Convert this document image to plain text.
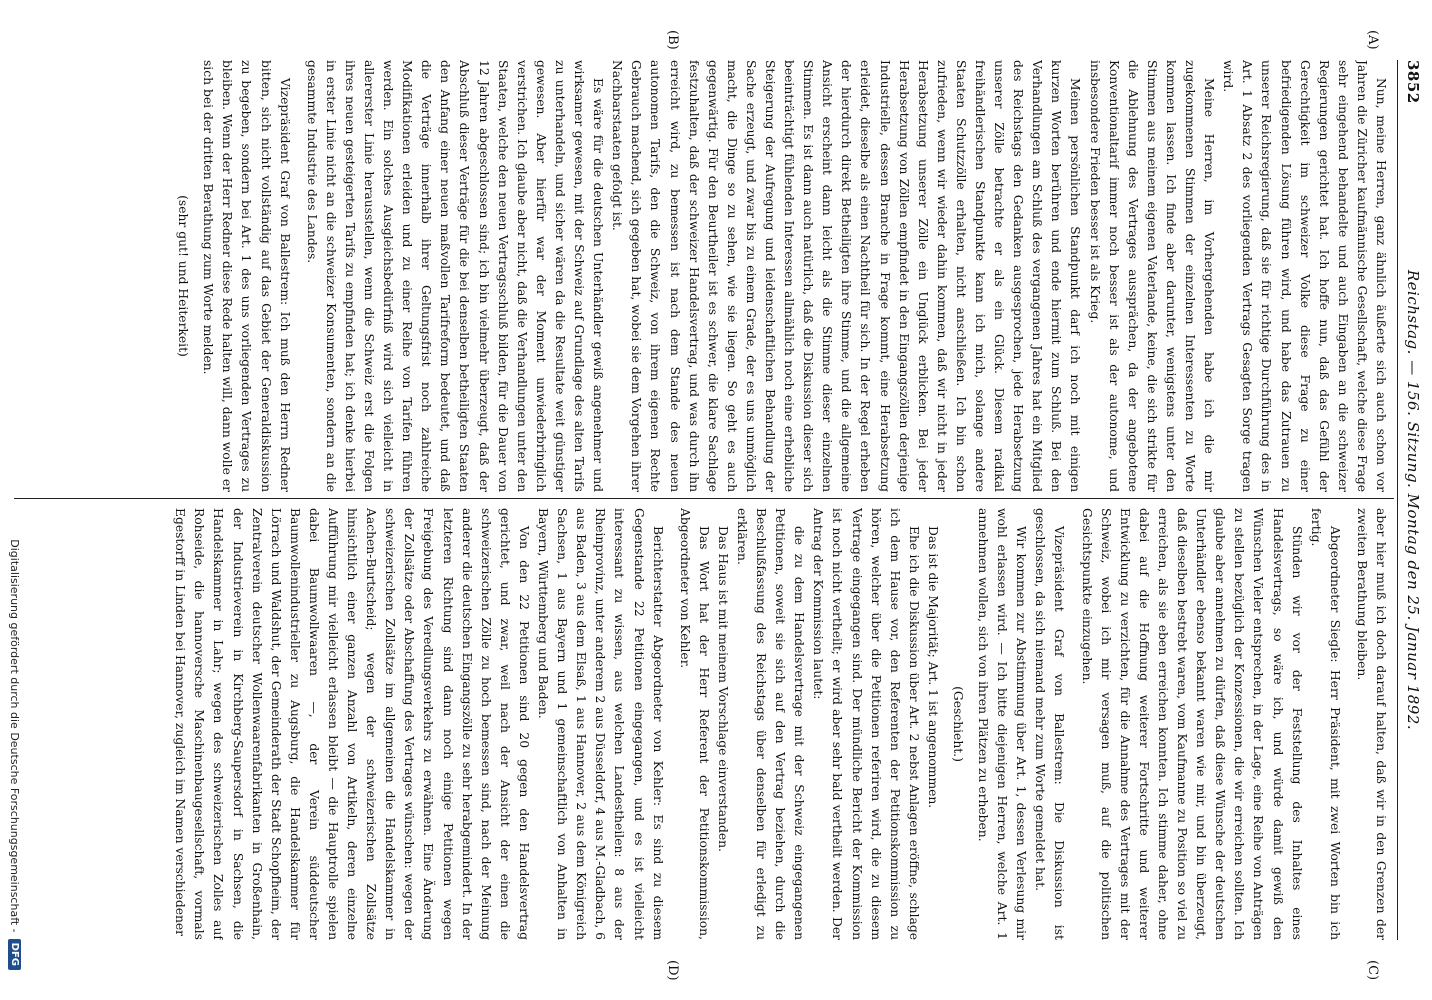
3852
Reichstag. — 156. Sitzung. Montag den 25. Januar 1892.
(A)
(B)
(C)
(D)

Nun, meine Herren, ganz ähnlich äußerte sich auch schon vor Jahren die Züricher kaufmännische Gesellschaft, welche diese Frage sehr eingehend behandelte und auch Eingaben an die schweizer Regierungen gerichtet hat. Ich hoffe nun, daß das Gefühl der Gerechtigkeit im schweizer Volke diese Frage zu einer befriedigenden Lösung führen wird, und habe das Zutrauen zu unserer Reichsregierung, daß sie für richtige Durchführung des in Art. 1 Absatz 2 des vorliegenden Vertrags Gesagten Sorge tragen wird.

Meine Herren, im Vorhergehenden habe ich die mir zugekommenen Stimmen der einzelnen Interessenten zu Worte kommen lassen. Ich finde aber darunter, wenigstens unter den Stimmen aus meinem eigenen Vaterlande, keine, die sich strikte für die Ablehnung des Vertrages aussprächen, da der angebotene Konventionaltarif immer noch besser ist als der autonome, und insbesondere Frieden besser ist als Krieg.

Meinen persönlichen Standpunkt darf ich noch mit einigen kurzen Worten berühren und ende hiermit zum Schluß. Bei den Verhandlungen am Schluß des vergangenen Jahres hat ein Mitglied des Reichstags den Gedanken ausgesprochen, jede Herabsetzung unserer Zölle betrachte er als ein Glück. Diesem radikal freihändlerischen Standpunkte kann ich mich, solange andere Staaten Schutzzölle erhalten, nicht anschließen. Ich bin schon zufrieden, wenn wir wieder dahin kommen, daß wir nicht in jeder Herabsetzung unserer Zölle ein Unglück erblicken. Bei jeder Herabsetzung von Zöllen empfindet in den Eingangszöllen derjenige Industrielle, dessen Branche in Frage kommt, eine Herabsetzung erleidet, dieselbe als einen Nachtheil für sich. In der Regel erheben der hierdurch direkt Betheiligten ihre Stimme, und die allgemeine Ansicht erscheint dann leicht als die Stimme dieser einzelnen Stimmen. Es ist dann auch natürlich, daß die Diskussion dieser sich beeinträchtigt fühlenden Interessen allmählich noch eine erhebliche Steigerung der Aufregung und leidenschaftlichen Behandlung der Sache erzeugt, und zwar bis zu einem Grade, der es uns unmöglich macht, die Dinge so zu sehen, wie sie liegen. So geht es auch gegenwärtig. Für den Beurtheiler ist es schwer, die klare Sachlage festzuhalten, daß der schweizer Handelsvertrag, und was durch ihn erreicht wird, zu bemessen ist nach dem Stande des neuen autonomen Tarifs, den die Schweiz, von ihrem eigenen Rechte Gebrauch machend, sich gegeben hat, wobei sie dem Vorgehen ihrer Nachbarstaaten gefolgt ist.

Es wäre für die deutschen Unterhändler gewiß angenehmer und wirksamer gewesen, mit der Schweiz auf Grundlage des alten Tarifs zu unterhandeln, und sicher wären da die Resultate weit günstiger gewesen. Aber hierfür war der Moment unwiederbringlich verstrichen. Ich glaube aber nicht, daß die Verhandlungen unter den Staaten, welche den neuen Vertragsschluß bilden, für die Dauer von 12 Jahren abgeschlossen sind; ich bin vielmehr überzeugt, daß der Abschluß dieser Verträge für die bei denselben betheiligten Staaten den Anfang einer neuen maßvollen Tarifreform bedeutet, und daß die Verträge innerhalb ihrer Geltungsfrist noch zahlreiche Modifikationen erleiden und zu einer Reihe von Tarifen führen werden. Ein solches Ausgleichsbedürfniß wird sich vielleicht in allererster Linie herausstellen, wenn die Schweiz erst die Folgen ihres neuen gesteigerten Tarifs zu empfinden hat; ich denke hierbei in erster Linie nicht an die schweizer Konsumenten, sondern an die gesammte Industrie des Landes.

Vizepräsident Graf von Ballestrem: Ich muß den Herrn Redner bitten, sich nicht vollständig auf das Gebiet der Generaldiskussion zu begeben, sondern bei Art. 1 des uns vorliegenden Vertrages zu bleiben. Wenn der Herr Redner diese Rede halten will, dann wolle er sich bei der dritten Berathung zum Worte melden.

(sehr gut! und Heiterkeit)

aber hier muß ich doch darauf halten, daß wir in den Grenzen der zweiten Berathung bleiben.

Abgeordneter Siegle: Herr Präsident, mit zwei Worten bin ich fertig.

Stünden wir vor der Feststellung des Inhaltes eines Handelsvertrags, so wäre ich, und würde damit gewiß den Wünschen Vieler entsprechen, in der Lage, eine Reihe von Anträgen zu stellen bezüglich der Konzessionen, die wir erreichen sollten. Ich glaube aber annehmen zu dürfen, daß diese Wünsche der deutschen Unterhändler ebenso bekannt waren wie mir, und bin überzeugt, daß dieselben bestrebt waren, vom Kaufmanne zu Position so viel zu erreichen, als sie eben erreichen konnten. Ich stimme daher, ohne dabei auf die Hoffnung weiterer Fortschritte und weiterer Entwicklung zu verzichten, für die Annahme des Vertrages mit der Schweiz, wobei ich mir versagen muß, auf die politischen Gesichtspunkte einzugehen.

Vizepräsident Graf von Ballestrem: Die Diskussion ist geschlossen, da sich niemand mehr zum Worte gemeldet hat.

Wir kommen zur Abstimmung über Art. 1, dessen Verlesung mir wohl erlassen wird. — Ich bitte diejenigen Herren, welche Art. 1 annehmen wollen, sich von ihren Plätzen zu erheben.

(Geschieht.)

Das ist die Majorität; Art. 1 ist angenommen.

Ehe ich die Diskussion über Art. 2 nebst Anlagen eröffne, schlage ich dem Hause vor, den Referenten der Petitionskommission zu hören, welcher über die Petitionen referiren wird, die zu diesem Vertrage eingegangen sind. Der mündliche Bericht der Kommission ist noch nicht vertheilt; er wird aber sehr bald vertheilt werden. Der Antrag der Kommission lautet:

die zu dem Handelsvertrage mit der Schweiz eingegangenen Petitionen, soweit sie sich auf den Vertrag beziehen, durch die Beschlußfassung des Reichstags über denselben für erledigt zu erklären.

Das Haus ist mit meinem Vorschlage einverstanden.

Das Wort hat der Herr Referent der Petitionskommission, Abgeordneter von Kehler.

Berichterstatter Abgeordneter von Kehler: Es sind zu diesem Gegenstande 22 Petitionen eingegangen, und es ist vielleicht interessant zu wissen, aus welchen Landestheilen: 8 aus der Rheinprovinz, unter anderem 2 aus Düsseldorf, 4 aus M.-Gladbach, 6 aus Baden, 3 aus dem Elsaß, 1 aus Hannover, 2 aus dem Königreich Sachsen, 1 aus Bayern und 1 gemeinschaftlich von Anhalten in Bayern, Württemberg und Baden.

Von den 22 Petitionen sind 20 gegen den Handelsvertrag gerichtet, und zwar, weil nach der Ansicht der einen die schweizerischen Zölle zu hoch bemessen sind, nach der Meinung anderer die deutschen Eingangszölle zu sehr herabgemindert. In der letzteren Richtung sind dann noch einige Petitionen wegen Freigebung des Veredlungsverkehrs zu erwähnen. Eine Änderung der Zollsätze oder Abschaffung des Vertrages wünschen: wegen der schweizerischen Zollsätze im allgemeinen die Handelskammer in Aachen-Burtscheid; wegen der schweizerischen Zollsätze hinsichtlich einer ganzen Anzahl von Artikeln, deren einzelne Aufführung mir vielleicht erlassen bleibt — die Hauptrolle spielen dabei Baumwollwaaren —, der Verein süddeutscher Baumwollenindustrieller zu Augsburg, die Handelskammer für Lörrach und Waldshut, der Gemeinderath der Stadt Schopfheim, der Zentralverein deutscher Wollenwaarenfabrikanten in Großenhain, der Industrieverein in Kirchberg-Saupersdorf in Sachsen, die Handelskammer in Lahr; wegen des schweizerischen Zolles auf Rohseide, die hannoversche Maschinenbaugesellschaft, vormals Egestorff in Linden bei Hannover, zugleich im Namen verschiedener

Digitalisierung gefördert durch die Deutsche Forschungsgemeinschaft -
DFG
